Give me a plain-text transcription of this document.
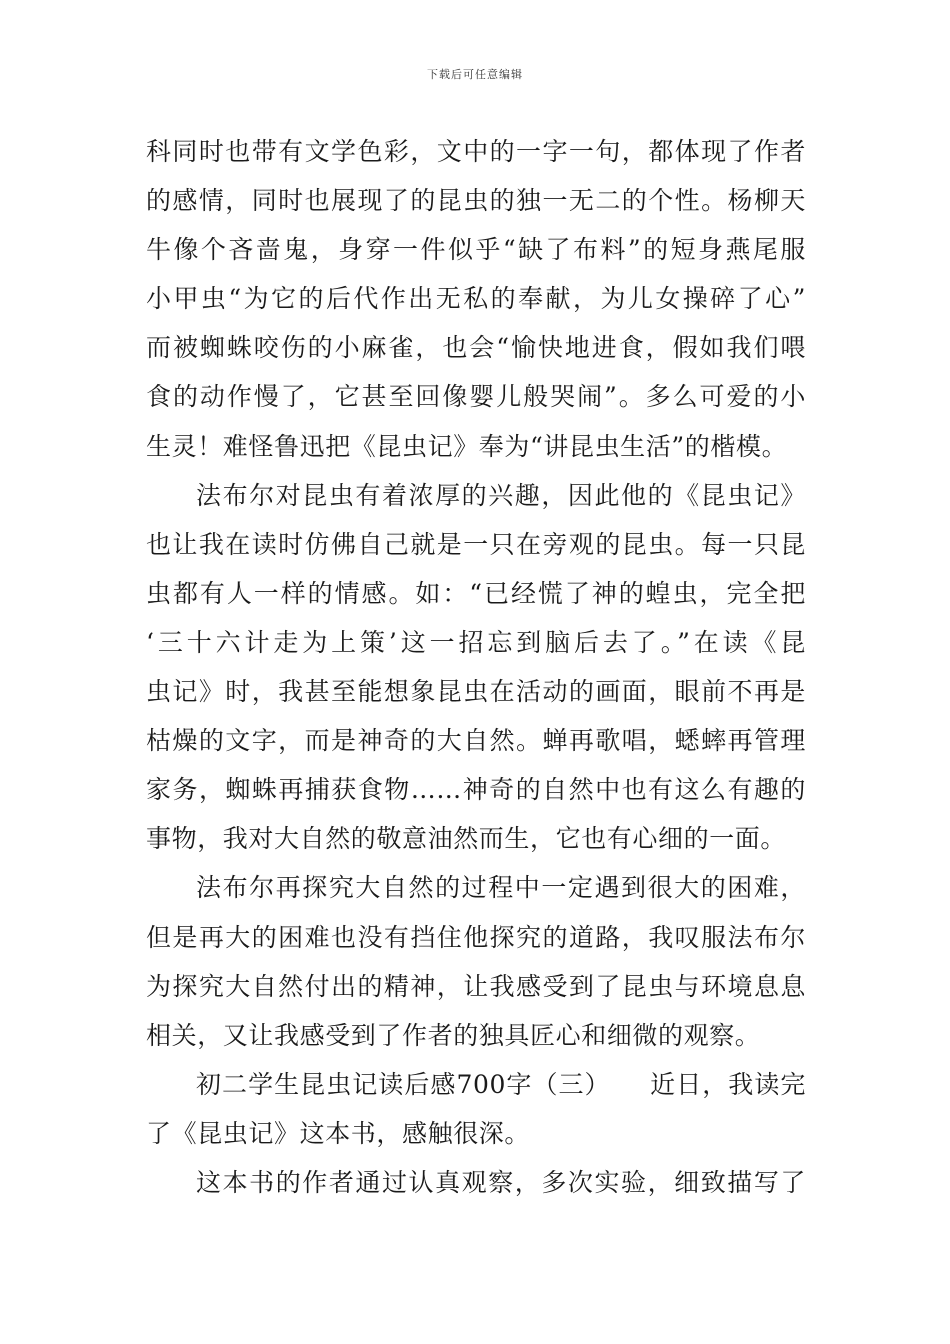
下载后可任意编辑
科同时也带有文学色彩，文中的一字一句，都体现了作者
的感情，同时也展现了的昆虫的独一无二的个性。杨柳天
牛像个吝啬鬼，身穿一件似乎“缺了布料”的短身燕尾服
小甲虫“为它的后代作出无私的奉献，为儿女操碎了心”
而被蜘蛛咬伤的小麻雀，也会“愉快地进食，假如我们喂
食的动作慢了，它甚至回像婴儿般哭闹”。多么可爱的小
生灵！难怪鲁迅把《昆虫记》奉为“讲昆虫生活”的楷模。
法布尔对昆虫有着浓厚的兴趣，因此他的《昆虫记》
也让我在读时仿佛自己就是一只在旁观的昆虫。每一只昆
虫都有人一样的情感。如：“已经慌了神的蝗虫，完全把
‘三十六计走为上策’这一招忘到脑后去了。”在读《昆
虫记》时，我甚至能想象昆虫在活动的画面，眼前不再是
枯燥的文字，而是神奇的大自然。蝉再歌唱，蟋蟀再管理
家务，蜘蛛再捕获食物……神奇的自然中也有这么有趣的
事物，我对大自然的敬意油然而生，它也有心细的一面。
法布尔再探究大自然的过程中一定遇到很大的困难，
但是再大的困难也没有挡住他探究的道路，我叹服法布尔
为探究大自然付出的精神，让我感受到了昆虫与环境息息
相关，又让我感受到了作者的独具匠心和细微的观察。
初二学生昆虫记读后感700字（三）　　近日，我读完
了《昆虫记》这本书，感触很深。
这本书的作者通过认真观察，多次实验，细致描写了
